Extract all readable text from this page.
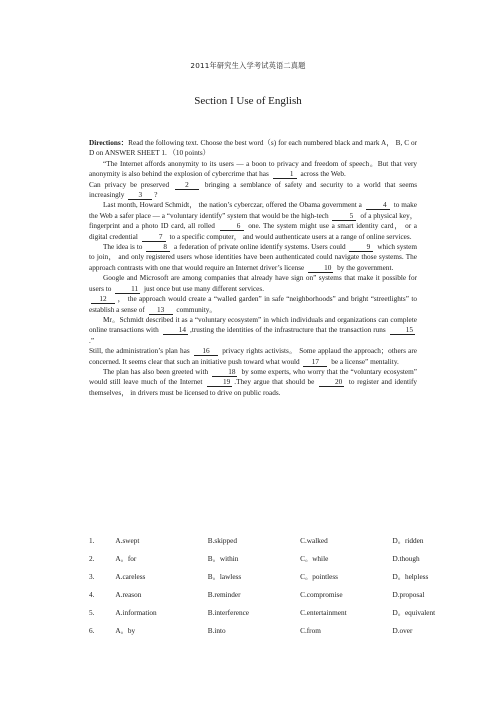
2011年研究生入学考试英语二真题
Section I Use of English

Directions：Read the following text. Choose the best word（s) for each numbered black and mark A， B, C or D on ANSWER SHEET 1. （10 points）

“The Internet affords anonymity to its users — a boon to privacy and freedom of speech。But that very anonymity is also behind the explosion of cybercrime that has	1 across the Web.

Can privacy be preserved 2 bringing a semblance of safety and security to a world that seems increasingly 3 ?

Last month, Howard Schmidt， the nation’s cyberczar, offered the Obama government a	4 to make the Web a safer place — a “voluntary identify” system that would be the high-tech	5 of a physical key， fingerprint and a photo ID card, all rolled	6 one. The system might use a smart identity card， or a digital credential	7 to a specific computer， and would authenticate users at a range of online services.

The idea is to	8 a federation of private online identify systems. Users could	9 which system to join， and only registered users whose identities have been authenticated could navigate those systems. The approach contrasts with one that would require an Internet driver’s license	10 by the government.

Google and Microsoft are among companies that already have sign on” systems that make it possible for users to	11 just once but use many different services.

12 ， the approach would create a “walled garden” in safe “neighborhoods” and bright “streetlights” to establish a sense of 13 community。

Mr。Schmidt described it as a “voluntary ecosystem” in which individuals and organizations can complete online transactions with	14 ,trusting the identities of the infrastructure that the transaction runs	15.”

Still, the administration’s plan has 16 privacy rights activists。 Some applaud the approach；others are concerned. It seems clear that such an initiative push toward what would 17 be a license” mentality.

The plan has also been greeted with	18 by some experts, who worry that the “voluntary ecosystem” would still leave much of the Internet	19 .They argue that should be	20 to register and identify themselves， in drivers must be licensed to drive on public roads.

1.	A.swept	B.skipped	C.walked	D。ridden
2.	A。for	B。within	C。while	D.though
3.	A.careless	B。lawless	C。pointless	D。helpless
4.	A.reason	B.reminder	C.compromise	D.proposal
5.	A.information	B.interference	C.entertainment	D。equivalent
6.	A。by	B.into	C.from	D.over
